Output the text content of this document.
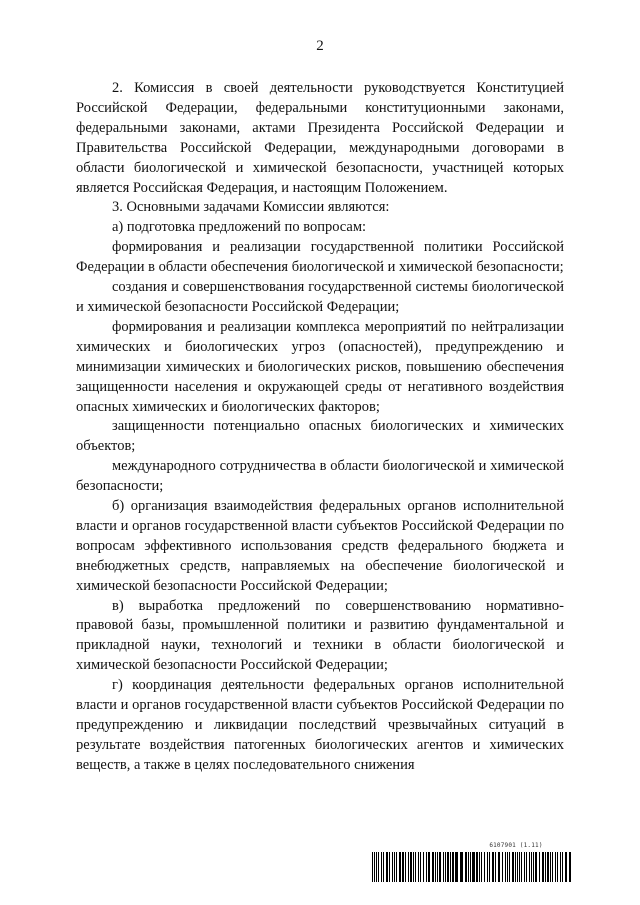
2

2. Комиссия в своей деятельности руководствуется Конституцией Российской Федерации, федеральными конституционными законами, федеральными законами, актами Президента Российской Федерации и Правительства Российской Федерации, международными договорами в области биологической и химической безопасности, участницей которых является Российская Федерация, и настоящим Положением.

3. Основными задачами Комиссии являются:

а) подготовка предложений по вопросам:

формирования и реализации государственной политики Российской Федерации в области обеспечения биологической и химической безопасности;

создания и совершенствования государственной системы биологической и химической безопасности Российской Федерации;

формирования и реализации комплекса мероприятий по нейтрализации химических и биологических угроз (опасностей), предупреждению и минимизации химических и биологических рисков, повышению обеспечения защищенности населения и окружающей среды от негативного воздействия опасных химических и биологических факторов;

защищенности потенциально опасных биологических и химических объектов;

международного сотрудничества в области биологической и химической безопасности;

б) организация взаимодействия федеральных органов исполнительной власти и органов государственной власти субъектов Российской Федерации по вопросам эффективного использования средств федерального бюджета и внебюджетных средств, направляемых на обеспечение биологической и химической безопасности Российской Федерации;

в) выработка предложений по совершенствованию нормативно-правовой базы, промышленной политики и развитию фундаментальной и прикладной науки, технологий и техники в области биологической и химической безопасности Российской Федерации;

г) координация деятельности федеральных органов исполнительной власти и органов государственной власти субъектов Российской Федерации по предупреждению и ликвидации последствий чрезвычайных ситуаций в результате воздействия патогенных биологических агентов и химических веществ, а также в целях последовательного снижения

6107901 (1.11)
